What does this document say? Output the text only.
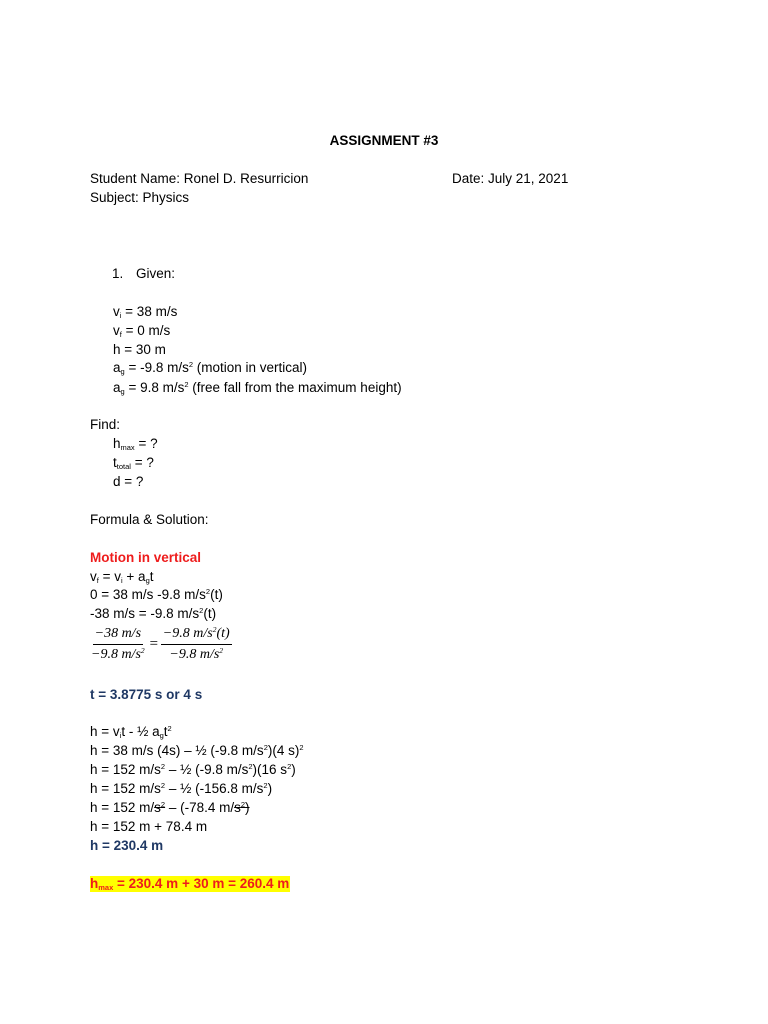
ASSIGNMENT #3
Student Name: Ronel D. Resurricion	Date: July 21, 2021
Subject: Physics
1. Given:
$v_i = 38$ m/s
$v_f = 0$ m/s
h = 30 m
$a_g = -9.8$ $m/s^2$ (motion in vertical)
$a_g = 9.8$ $m/s^2$ (free fall from the maximum height)
Find:
$h_{max}$ = ?
$t_{total}$ = ?
d = ?
Formula & Solution:
Motion in vertical
$v_f = v_i + a_gt$
0 = 38 m/s -9.8 $m/s^2(t)$
-38 m/s = -9.8 $m/s^2(t)$
$\frac{-38 m/s}{-9.8 m/s^2} = \frac{-9.8 m/s^2(t)}{-9.8 m/s^2}$
t = 3.8775 s or 4 s
$h = v_it$ - ½ $a_gt^2$
h = 38 m/s (4s) – ½ (-9.8 $m/s^2)(4$ s)$^2$
h = 152 $m/s^2$ – ½ (-9.8 $m/s^2)(16$ $s^2$)
h = 152 $m/s^2$ – ½ (-156.8 $m/s^2$)
h = 152 $m/s^2 - (-78.4$ $m/s^2$)
h = 152 m + 78.4 m
h = 230.4 m
$h_{max} = 230.4$ m + 30 m = 260.4 m
